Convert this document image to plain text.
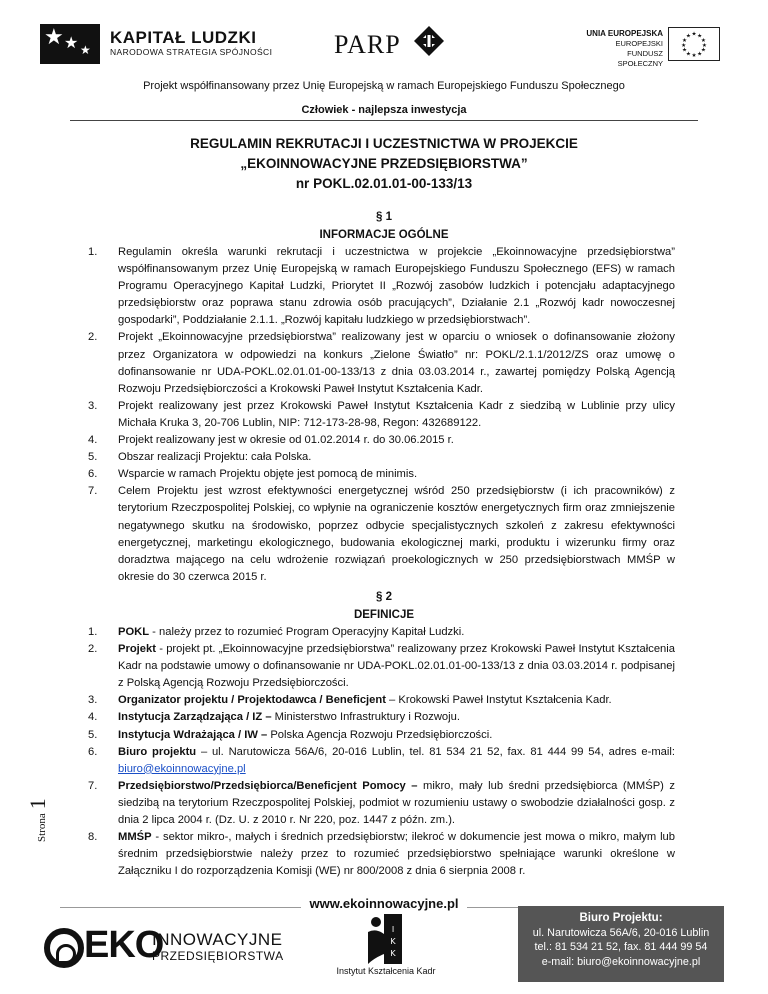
★ ★ ★
KAPITAŁ LUDZKI
NARODOWA STRATEGIA SPÓJNOŚCI PARP	UNIA EUROPEJSKA
EUROPEJSKI
FUNDUSZ SPOŁECZNY
★ ★
★
★
★
★
★
★
★
★
★
★
Projekt współfinansowany przez Unię Europejską w ramach Europejskiego Funduszu Społecznego
Człowiek - najlepsza inwestycja
REGULAMIN REKRUTACJI I UCZESTNICTWA W PROJEKCIE
„EKOINNOWACYJNE PRZEDSIĘBIORSTWA”
nr POKL.02.01.01-00-133/13
§ 1
INFORMACJE OGÓLNE
1. Regulamin określa warunki rekrutacji i uczestnictwa w projekcie „Ekoinnowacyjne przedsiębiorstwa” współfinansowanym przez Unię Europejską w ramach Europejskiego Funduszu Społecznego (EFS) w ramach Programu Operacyjnego Kapitał Ludzki, Priorytet II „Rozwój zasobów ludzkich i potencjału adaptacyjnego przedsiębiorstw oraz poprawa stanu zdrowia osób pracujących”, Działanie 2.1 „Rozwój kadr nowoczesnej gospodarki”, Poddziałanie 2.1.1. „Rozwój kapitału ludzkiego w przedsiębiorstwach”.
2. Projekt „Ekoinnowacyjne przedsiębiorstwa” realizowany jest w oparciu o wniosek o dofinansowanie złożony przez Organizatora w odpowiedzi na konkurs „Zielone Światło” nr: POKL/2.1.1/2012/ZS oraz umowę o dofinansowanie nr UDA-POKL.02.01.01-00-133/13 z dnia 03.03.2014 r., zawartej pomiędzy Polską Agencją Rozwoju Przedsiębiorczości a Krokowski Paweł Instytut Kształcenia Kadr.
3. Projekt realizowany jest przez Krokowski Paweł Instytut Kształcenia Kadr z siedzibą w Lublinie przy ulicy Michała Kruka 3, 20-706 Lublin, NIP: 712-173-28-98, Regon: 432689122.
4. Projekt realizowany jest w okresie od 01.02.2014 r. do 30.06.2015 r.
5. Obszar realizacji Projektu: cała Polska.
6. Wsparcie w ramach Projektu objęte jest pomocą de minimis.
7. Celem Projektu jest wzrost efektywności energetycznej wśród 250 przedsiębiorstw (i ich pracowników) z terytorium Rzeczpospolitej Polskiej, co wpłynie na ograniczenie kosztów energetycznych firm oraz zmniejszenie negatywnego skutku na środowisko, poprzez odbycie specjalistycznych szkoleń z zakresu efektywności energetycznej, marketingu ekologicznego, budowania ekologicznej marki, produktu i wizerunku firmy oraz doradztwa mającego na celu wdrożenie rozwiązań proekologicznych w 250 przedsiębiorstwach MMŚP w okresie do 30 czerwca 2015 r.
§ 2
DEFINICJE
1. POKL - należy przez to rozumieć Program Operacyjny Kapitał Ludzki.
2. Projekt - projekt pt. „Ekoinnowacyjne przedsiębiorstwa” realizowany przez Krokowski Paweł Instytut Kształcenia Kadr na podstawie umowy o dofinansowanie nr UDA-POKL.02.01.01-00-133/13 z dnia 03.03.2014 r. podpisanej z Polską Agencją Rozwoju Przedsiębiorczości.
3. Organizator projektu / Projektodawca / Beneficjent – Krokowski Paweł Instytut Kształcenia Kadr.
4. Instytucja Zarządzająca / IZ – Ministerstwo Infrastruktury i Rozwoju.
5. Instytucja Wdrażająca / IW – Polska Agencja Rozwoju Przedsiębiorczości.
6. Biuro projektu – ul. Narutowicza 56A/6, 20-016 Lublin, tel. 81 534 21 52, fax. 81 444 99 54, adres e-mail: biuro@ekoinnowacyjne.pl
7. Przedsiębiorstwo/Przedsiębiorca/Beneficjent Pomocy – mikro, mały lub średni przedsiębiorca (MMŚP) z siedzibą na terytorium Rzeczpospolitej Polskiej, podmiot w rozumieniu ustawy o swobodzie działalności gosp. z dnia 2 lipca 2004 r. (Dz. U. z 2010 r. Nr 220, poz. 1447 z późn. zm.).
8. MMŚP - sektor mikro-, małych i średnich przedsiębiorstw; ilekroć w dokumencie jest mowa o mikro, małym lub średnim przedsiębiorstwie należy przez to rozumieć przedsiębiorstwo spełniające warunki określone w Załączniku I do rozporządzenia Komisji (WE) nr 800/2008 z dnia 6 sierpnia 2008 r.
Strona 1
www.ekoinnowacyjne.pl
EKO
INNOWACYJNE
PRZEDSIĘBIORSTWA
I
K
K
Instytut Kształcenia Kadr
Biuro Projektu:
ul. Narutowicza 56A/6, 20-016 Lublin
tel.: 81 534 21 52, fax. 81 444 99 54
e-mail: biuro@ekoinnowacyjne.pl
